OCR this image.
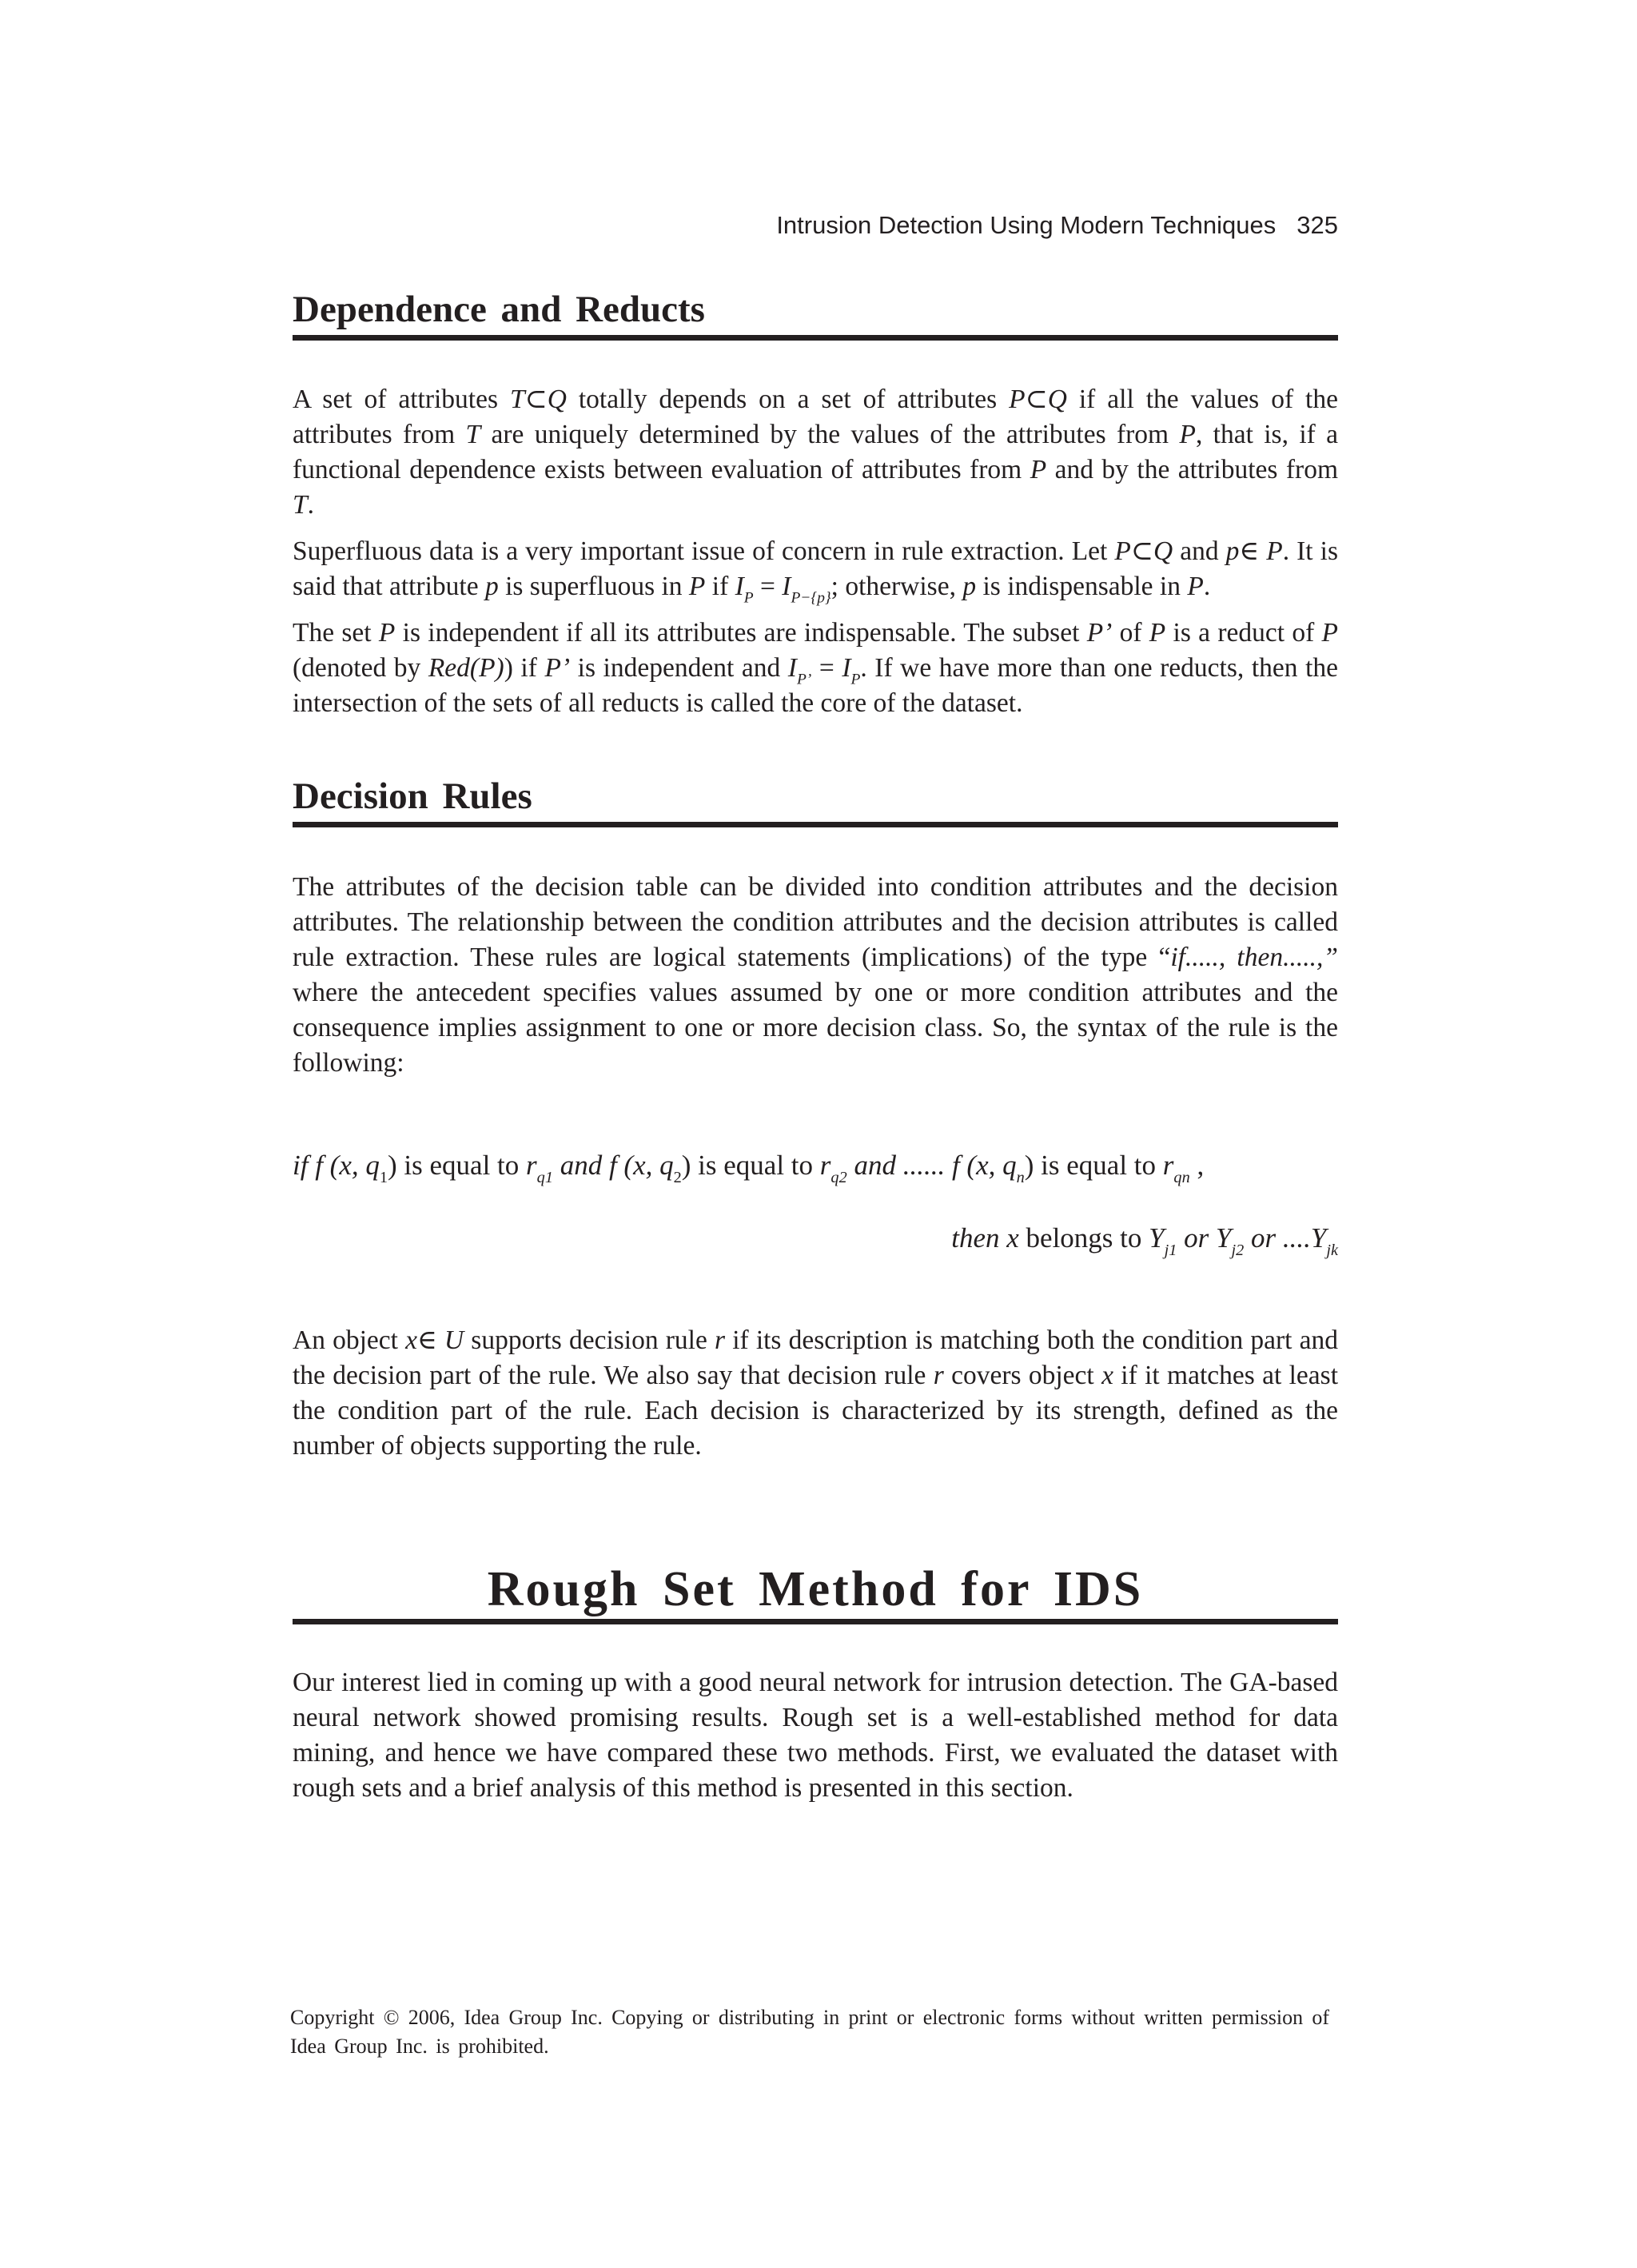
Intrusion Detection Using Modern Techniques 325
Dependence and Reducts

A set of attributes T⊂Q totally depends on a set of attributes P⊂Q if all the values of the attributes from T are uniquely determined by the values of the attributes from P, that is, if a functional dependence exists between evaluation of attributes from P and by the attributes from T.

Superfluous data is a very important issue of concern in rule extraction. Let P⊂Q and p∈ P. It is said that attribute p is superfluous in P if $I_P = I_{P-\{p\}}$; otherwise, p is indispensable in P.

The set P is independent if all its attributes are indispensable. The subset P’ of P is a reduct of P (denoted by Red(P)) if P’ is independent and $I_{P’} = I_P$. If we have more than one reducts, then the intersection of the sets of all reducts is called the core of the dataset.

Decision Rules

The attributes of the decision table can be divided into condition attributes and the decision attributes. The relationship between the condition attributes and the decision attributes is called rule extraction. These rules are logical statements (implications) of the type “if....., then.....,” where the antecedent specifies values assumed by one or more condition attributes and the consequence implies assignment to one or more decision class. So, the syntax of the rule is the following:

if f (x, $q_1$) is equal to $r_{q1}$ and f (x, $q_2$) is equal to $r_{q2}$ and ...... f (x, $q_n$) is equal to $r_{qn}$ ,
then x belongs to $Y_{j1}$ or $Y_{j2}$ or $....Y_{jk}$

An object x∈ U supports decision rule r if its description is matching both the condition part and the decision part of the rule. We also say that decision rule r covers object x if it matches at least the condition part of the rule. Each decision is characterized by its strength, defined as the number of objects supporting the rule.

Rough Set Method for IDS

Our interest lied in coming up with a good neural network for intrusion detection. The GA-based neural network showed promising results. Rough set is a well-established method for data mining, and hence we have compared these two methods. First, we evaluated the dataset with rough sets and a brief analysis of this method is presented in this section.

Copyright © 2006, Idea Group Inc. Copying or distributing in print or electronic forms without written permission of Idea Group Inc. is prohibited.
